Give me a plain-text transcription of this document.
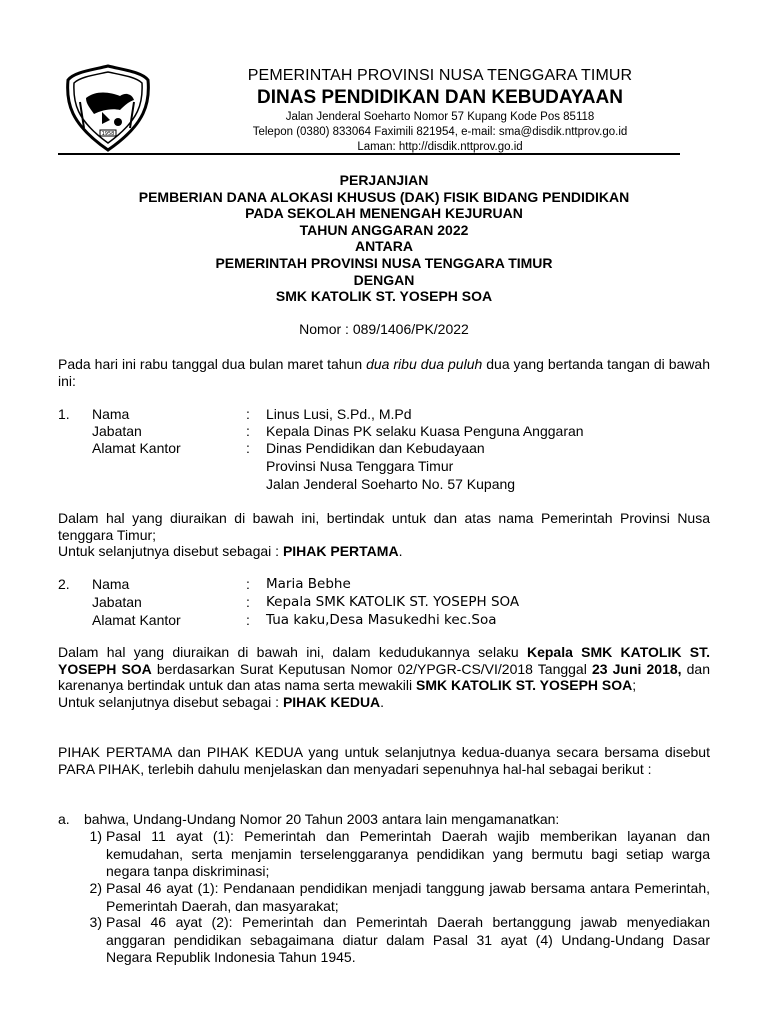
1958
PEMERINTAH PROVINSI NUSA TENGGARA TIMUR
DINAS PENDIDIKAN DAN KEBUDAYAAN
Jalan Jenderal Soeharto Nomor 57 Kupang Kode Pos 85118
Telepon (0380) 833064 Faximili 821954, e-mail: sma@disdik.nttprov.go.id
Laman: http://disdik.nttprov.go.id
PERJANJIAN
PEMBERIAN DANA ALOKASI KHUSUS (DAK) FISIK BIDANG PENDIDIKAN
PADA SEKOLAH MENENGAH KEJURUAN
TAHUN ANGGARAN 2022
ANTARA
PEMERINTAH PROVINSI NUSA TENGGARA TIMUR
DENGAN
SMK KATOLIK ST. YOSEPH SOA
Nomor : 089/1406/PK/2022
Pada hari ini rabu tanggal dua bulan maret tahun dua ribu dua puluh dua yang bertanda tangan di bawah ini:
1. Nama	: Linus Lusi, S.Pd., M.Pd
Jabatan	: Kepala Dinas PK selaku Kuasa Penguna Anggaran
Alamat Kantor	: Dinas Pendidikan dan Kebudayaan
Provinsi Nusa Tenggara Timur
Jalan Jenderal Soeharto No. 57 Kupang
Dalam hal yang diuraikan di bawah ini, bertindak untuk dan atas nama Pemerintah Provinsi Nusa tenggara Timur;
Untuk selanjutnya disebut sebagai : PIHAK PERTAMA.
2. Nama	: Maria Bebhe
Jabatan	: Kepala SMK KATOLIK ST. YOSEPH SOA
Alamat Kantor	: Tua kaku,Desa Masukedhi kec.Soa
Dalam hal yang diuraikan di bawah ini, dalam kedudukannya selaku Kepala SMK KATOLIK ST. YOSEPH SOA berdasarkan Surat Keputusan Nomor 02/YPGR-CS/VI/2018 Tanggal 23 Juni 2018, dan karenanya bertindak untuk dan atas nama serta mewakili SMK KATOLIK ST. YOSEPH SOA;
Untuk selanjutnya disebut sebagai : PIHAK KEDUA.
PIHAK PERTAMA dan PIHAK KEDUA yang untuk selanjutnya kedua-duanya secara bersama disebut PARA PIHAK, terlebih dahulu menjelaskan dan menyadari sepenuhnya hal-hal sebagai berikut :
a. bahwa, Undang-Undang Nomor 20 Tahun 2003 antara lain mengamanatkan:
1) Pasal 11 ayat (1): Pemerintah dan Pemerintah Daerah wajib memberikan layanan dan kemudahan, serta menjamin terselenggaranya pendidikan yang bermutu bagi setiap warga negara tanpa diskriminasi;
2) Pasal 46 ayat (1): Pendanaan pendidikan menjadi tanggung jawab bersama antara Pemerintah, Pemerintah Daerah, dan masyarakat;
3) Pasal 46 ayat (2): Pemerintah dan Pemerintah Daerah bertanggung jawab menyediakan anggaran pendidikan sebagaimana diatur dalam Pasal 31 ayat (4) Undang-Undang Dasar Negara Republik Indonesia Tahun 1945.
